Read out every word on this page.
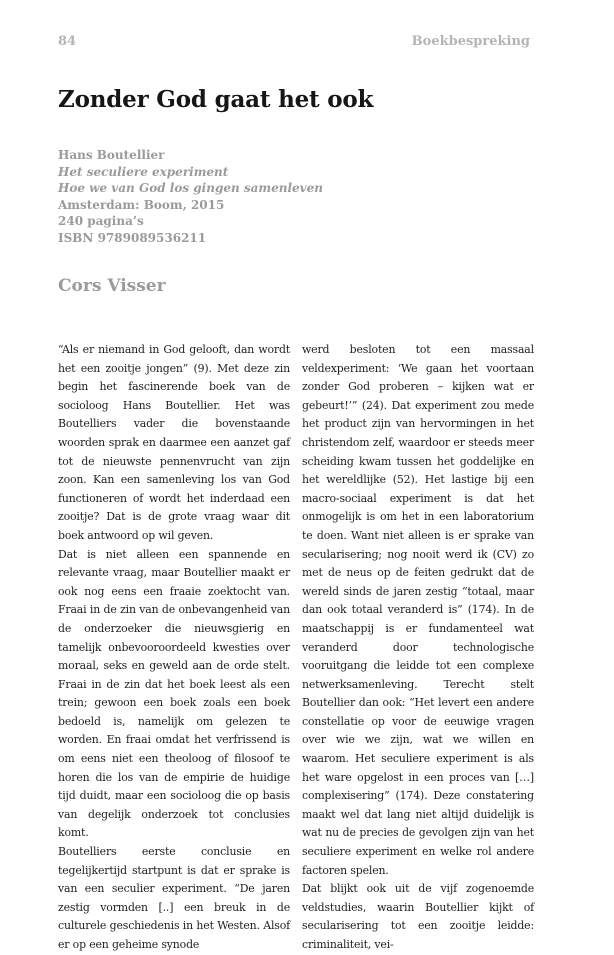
84	Boekbespreking
Zonder God gaat het ook
Hans Boutellier
Het seculiere experiment
Hoe we van God los gingen samenleven
Amsterdam: Boom, 2015
240 pagina’s
ISBN 9789089536211
Cors Visser

“Als er niemand in God gelooft, dan wordt het een zooitje jongen” (9). Met deze zin begin het fascinerende boek van de socioloog Hans Boutellier. Het was Boutelliers vader die bovenstaande woorden sprak en daarmee een aanzet gaf tot de nieuwste pennenvrucht van zijn zoon. Kan een samenleving los van God functioneren of wordt het inderdaad een zooitje? Dat is de grote vraag waar dit boek antwoord op wil geven.

Dat is niet alleen een spannende en relevante vraag, maar Boutellier maakt er ook nog eens een fraaie zoektocht van. Fraai in de zin van de onbevangenheid van de onderzoeker die nieuwsgierig en tamelijk onbevooroordeeld kwesties over moraal, seks en geweld aan de orde stelt. Fraai in de zin dat het boek leest als een trein; gewoon een boek zoals een boek bedoeld is, namelijk om gelezen te worden. En fraai omdat het verfrissend is om eens niet een theoloog of filosoof te horen die los van de empirie de huidige tijd duidt, maar een socioloog die op basis van degelijk onderzoek tot conclusies komt.

Boutelliers eerste conclusie en tegelijkertijd startpunt is dat er sprake is van een seculier experiment. “De jaren zestig vormden [..] een breuk in de culturele geschiedenis in het Westen. Alsof er op een geheime synode

werd besloten tot een massaal veldexperiment: ‘We gaan het voortaan zonder God proberen – kijken wat er gebeurt!’” (24). Dat experiment zou mede het product zijn van hervormingen in het christendom zelf, waardoor er steeds meer scheiding kwam tussen het goddelijke en het wereldlijke (52). Het lastige bij een macro-sociaal experiment is dat het onmogelijk is om het in een laboratorium te doen. Want niet alleen is er sprake van secularisering; nog nooit werd ik (CV) zo met de neus op de feiten gedrukt dat de wereld sinds de jaren zestig “totaal, maar dan ook totaal veranderd is” (174). In de maatschappij is er fundamenteel wat veranderd door technologische vooruitgang die leidde tot een complexe netwerksamenleving. Terecht stelt Boutellier dan ook: “Het levert een andere constellatie op voor de eeuwige vragen over wie we zijn, wat we willen en waarom. Het seculiere experiment is als het ware opgelost in een proces van […] complexisering” (174). Deze constatering maakt wel dat lang niet altijd duidelijk is wat nu de precies de gevolgen zijn van het seculiere experiment en welke rol andere factoren spelen.

Dat blijkt ook uit de vijf zogenoemde veldstudies, waarin Boutellier kijkt of secularisering tot een zooitje leidde: criminaliteit, vei-
